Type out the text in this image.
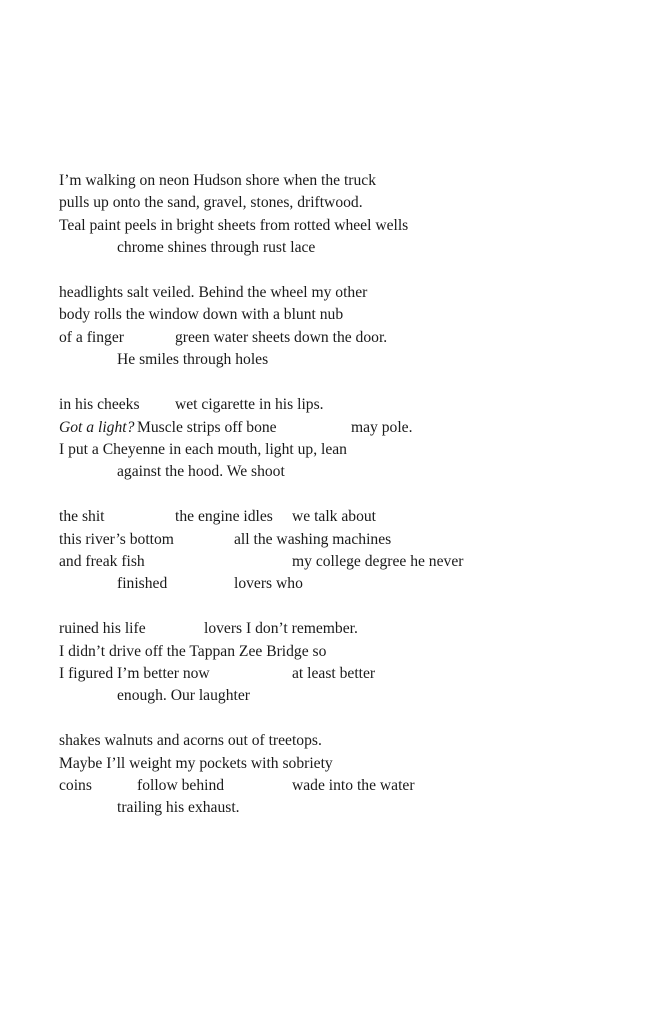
I’m walking on neon Hudson shore when the truck
pulls up onto the sand, gravel, stones, driftwood.
Teal paint peels in bright sheets from rotted wheel wells
chrome shines through rust lace
headlights salt veiled. Behind the wheel my other
body rolls the window down with a blunt nub
of a finger	green water sheets down the door.
He smiles through holes
in his cheeks wet cigarette in his lips.
Got a light? Muscle strips off bone	may pole.
I put a Cheyenne in each mouth, light up, lean
against the hood. We shoot
the shit	the engine idles we talk about
this river’s bottom	all the washing machines
and freak fish	my college degree he never
finished	lovers who
ruined his life	lovers I don’t remember.
I didn’t drive off the Tappan Zee Bridge so
I figured I’m better now	at least better
enough. Our laughter
shakes walnuts and acorns out of treetops.
Maybe I’ll weight my pockets with sobriety
coins	follow behind	wade into the water
trailing his exhaust.
